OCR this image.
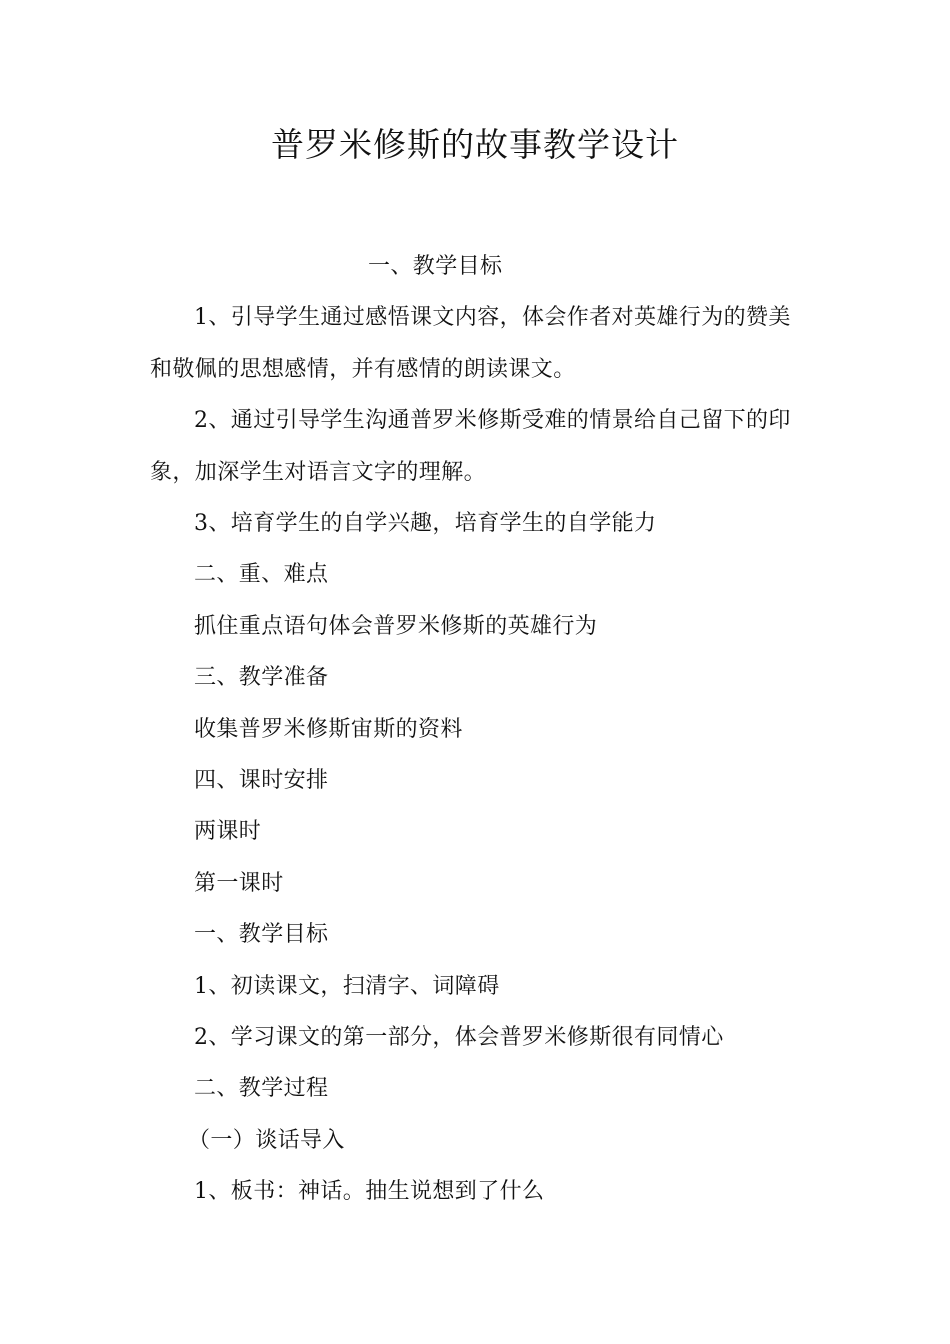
普罗米修斯的故事教学设计
一、教学目标
1、引导学生通过感悟课文内容，体会作者对英雄行为的赞美
和敬佩的思想感情，并有感情的朗读课文。
2、通过引导学生沟通普罗米修斯受难的情景给自己留下的印
象，加深学生对语言文字的理解。
3、培育学生的自学兴趣，培育学生的自学能力
二、重、难点
抓住重点语句体会普罗米修斯的英雄行为
三、教学准备
收集普罗米修斯宙斯的资料
四、课时安排
两课时
第一课时
一、教学目标
1、初读课文，扫清字、词障碍
2、学习课文的第一部分，体会普罗米修斯很有同情心
二、教学过程
（一）谈话导入
1、板书：神话。抽生说想到了什么
